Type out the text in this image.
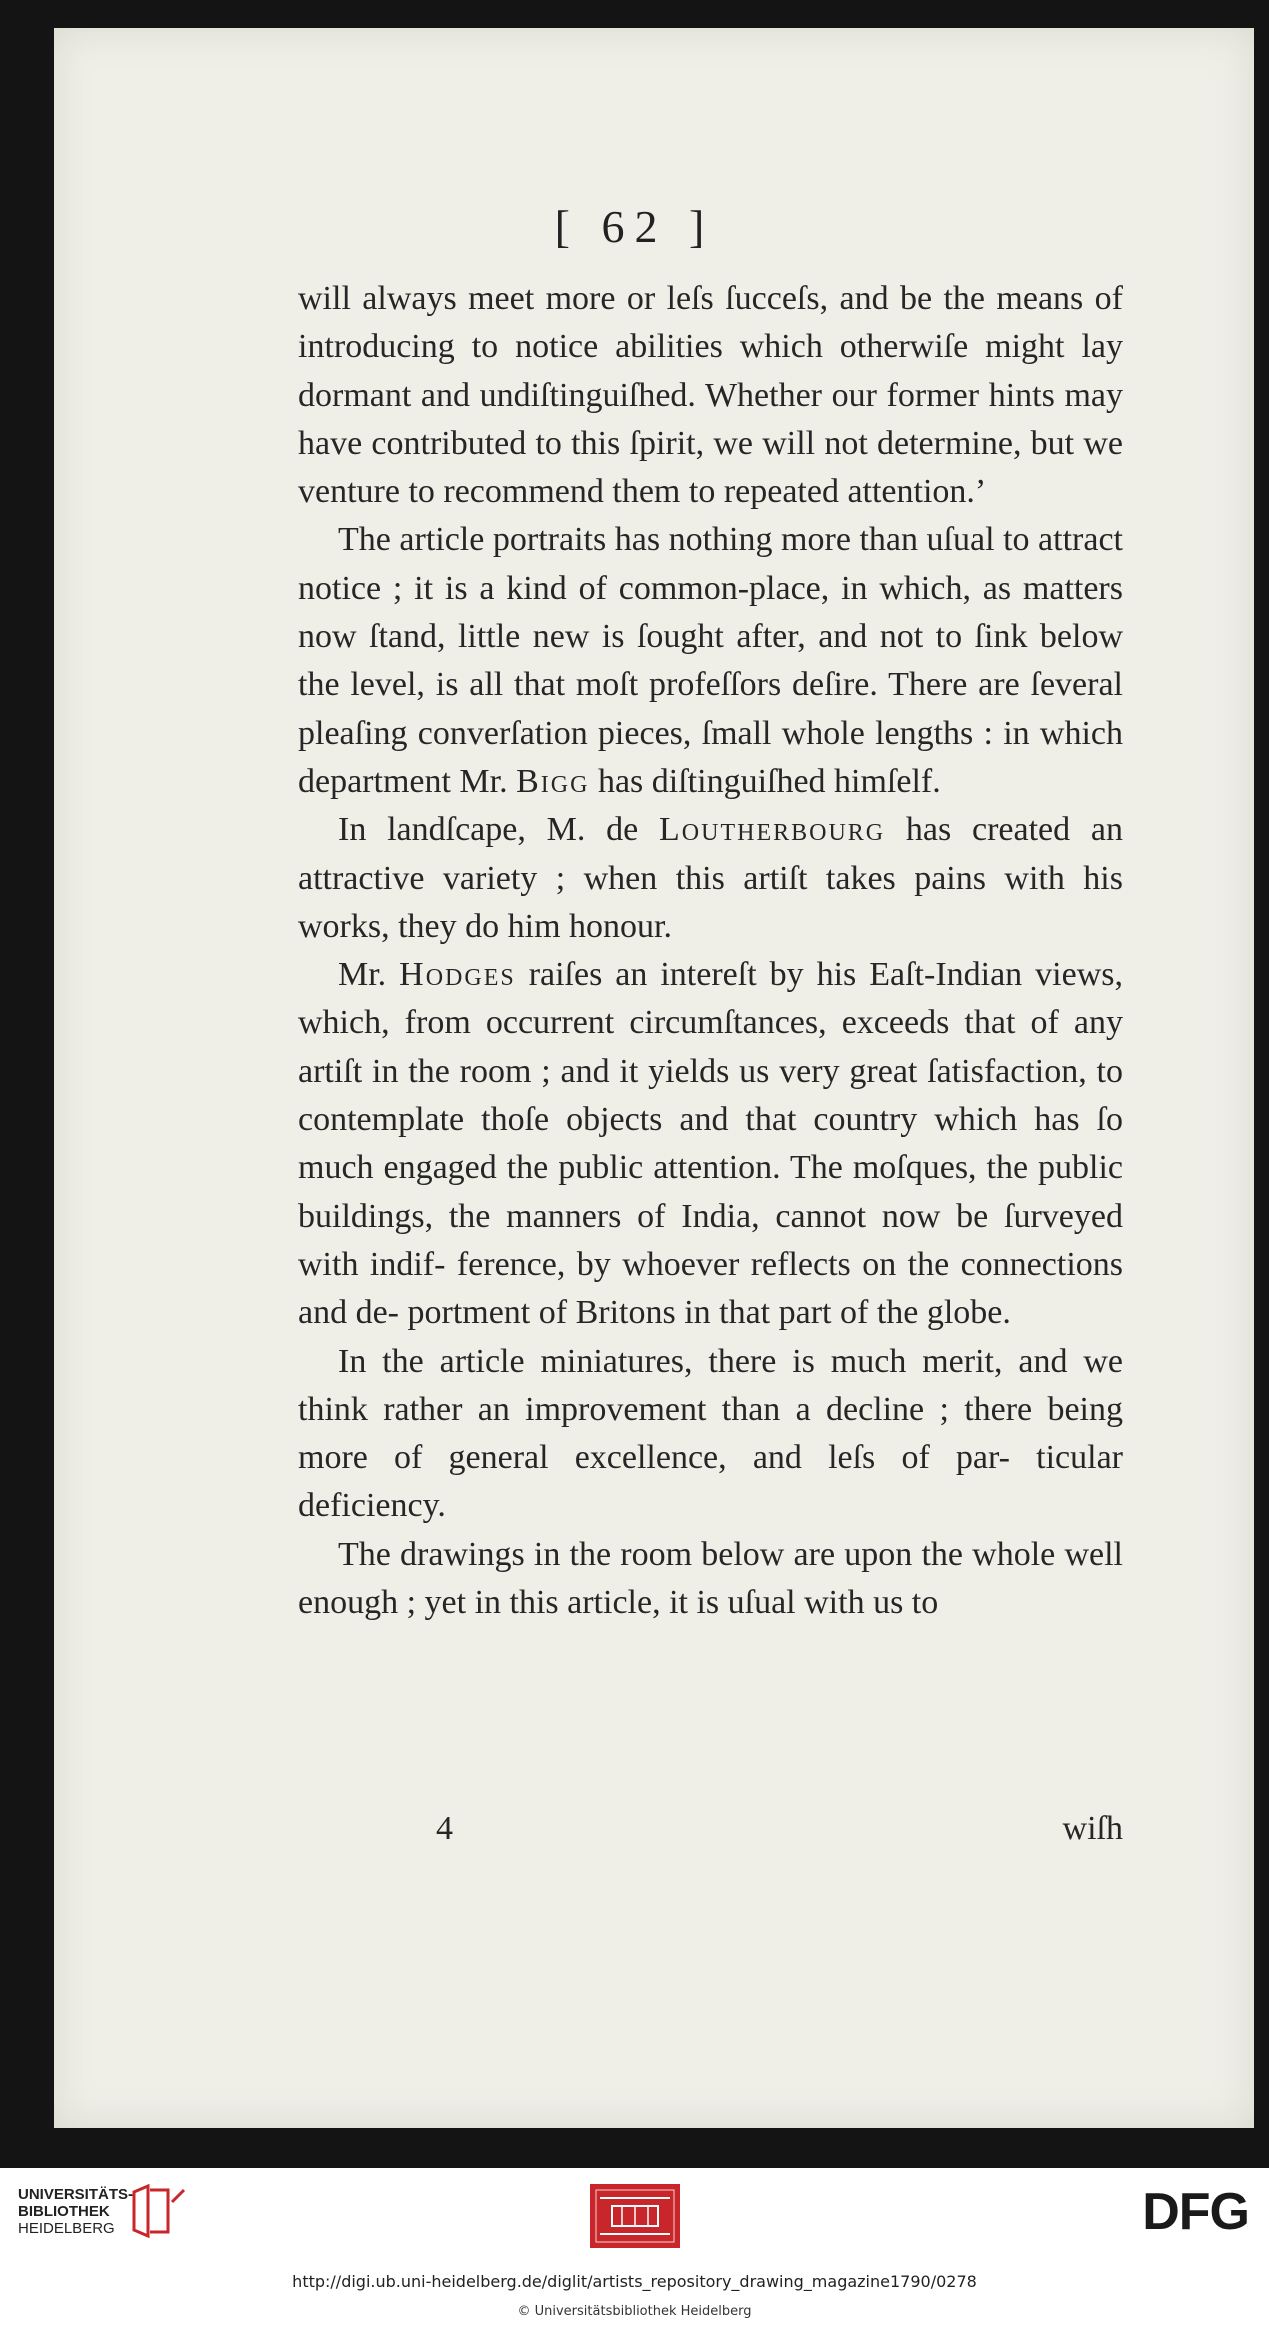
[ 62 ]

will always meet more or leſs ſucceſs, and be the means of introducing to notice abilities which otherwiſe might lay dormant and undiſtinguiſhed. Whether our former hints may have contributed to this ſpirit, we will not determine, but we venture to recommend them to repeated attention.’

The article portraits has nothing more than uſual to attract notice ; it is a kind of common-place, in which, as matters now ſtand, little new is ſought after, and not to ſink below the level, is all that moſt profeſſors deſire. There are ſeveral pleaſing converſation pieces, ſmall whole lengths : in which department Mr. Bigg has diſtinguiſhed himſelf.

In landſcape, M. de Loutherbourg has created an attractive variety ; when this artiſt takes pains with his works, they do him honour.

Mr. Hodges raiſes an intereſt by his Eaſt-Indian views, which, from occurrent circumſtances, exceeds that of any artiſt in the room ; and it yields us very great ſatisfaction, to contemplate thoſe objects and that country which has ſo much engaged the public attention. The moſques, the public buildings, the manners of India, cannot now be ſurveyed with indif- ference, by whoever reflects on the connections and de- portment of Britons in that part of the globe.

In the article miniatures, there is much merit, and we think rather an improvement than a decline ; there being more of general excellence, and leſs of par- ticular deficiency.

The drawings in the room below are upon the whole well enough ; yet in this article, it is uſual with us to

4	wiſh
UNIVERSITÄTS-
BIBLIOTHEK
HEIDELBERG	DFG
http://digi.ub.uni-heidelberg.de/diglit/artists_repository_drawing_magazine1790/0278
© Universitätsbibliothek Heidelberg
